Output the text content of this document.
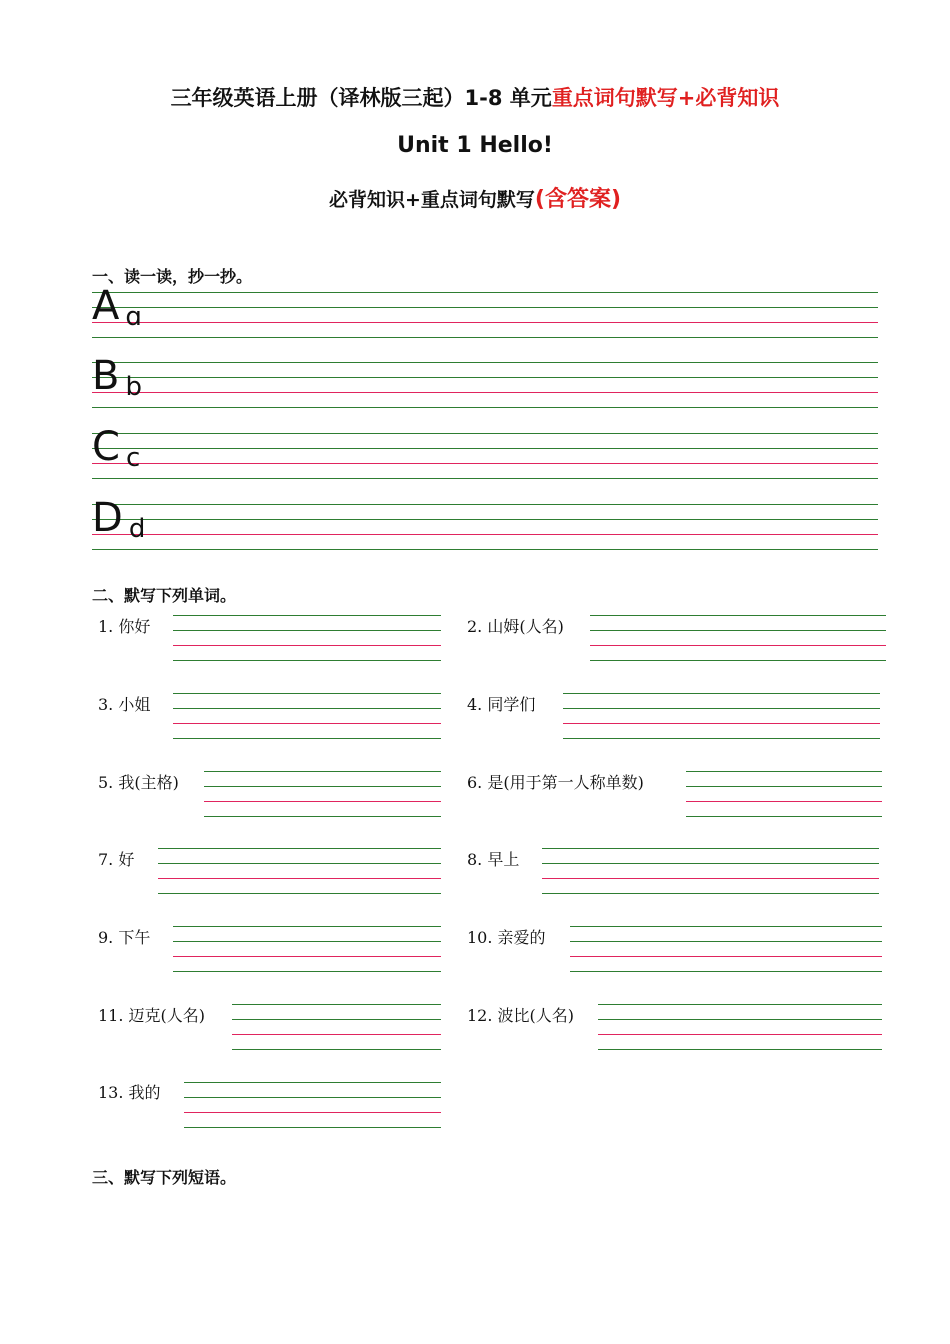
三年级英语上册（译林版三起）1-8 单元重点词句默写+必背知识
Unit 1 Hello!
必背知识+重点词句默写(含答案)
一、读一读，抄一抄。
Aɑ
Bb
Cc
Dd
二、默写下列单词。
1. 你好	2. 山姆(人名)
3. 小姐	4. 同学们
5. 我(主格)	6. 是(用于第一人称单数)
7. 好	8. 早上
9. 下午	10. 亲爱的
11. 迈克(人名)	12. 波比(人名)
13. 我的
三、默写下列短语。
